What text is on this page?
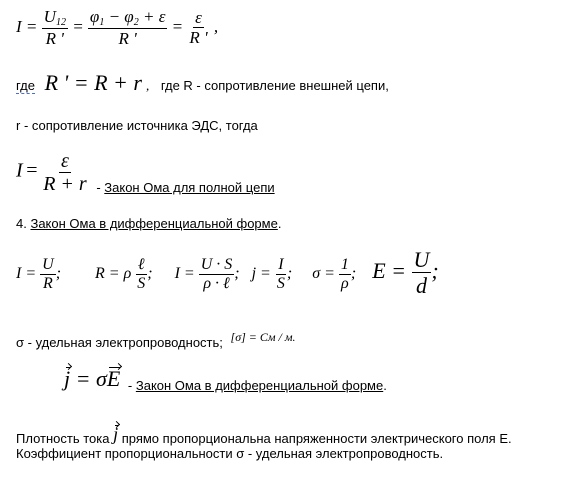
$I = \frac{U_{12}}{R '} = \frac{\varphi_1 - \varphi_2 + \varepsilon}{R '} = \frac{\varepsilon}{R '}$ ,
где R ' = R + r , где R - сопротивление внешней цепи,
r - сопротивление источника ЭДС, тогда
$I = \frac{\varepsilon}{R + r}$ - Закон Ома для полной цепи
4. Закон Ома в дифференциальной форме.
$I = \frac{U}{R}$ ; R = ρ $\frac{\text{ℓ}}{S}$ ; $I = \frac{U \cdot S}{\text{ρ · ℓ}}$ ; $j = \frac{I}{S}$ ; $\sigma = \frac{1}{\rho}$ ; $E = \frac{U}{d}$ ;
σ - удельная электропроводность; [σ] = См / м.
j = σE - Закон Ома в дифференциальной форме.
Плотность тока j прямо пропорциональна напряженности электрического поля Е.
Коэффициент пропорциональности σ - удельная электропроводность.
